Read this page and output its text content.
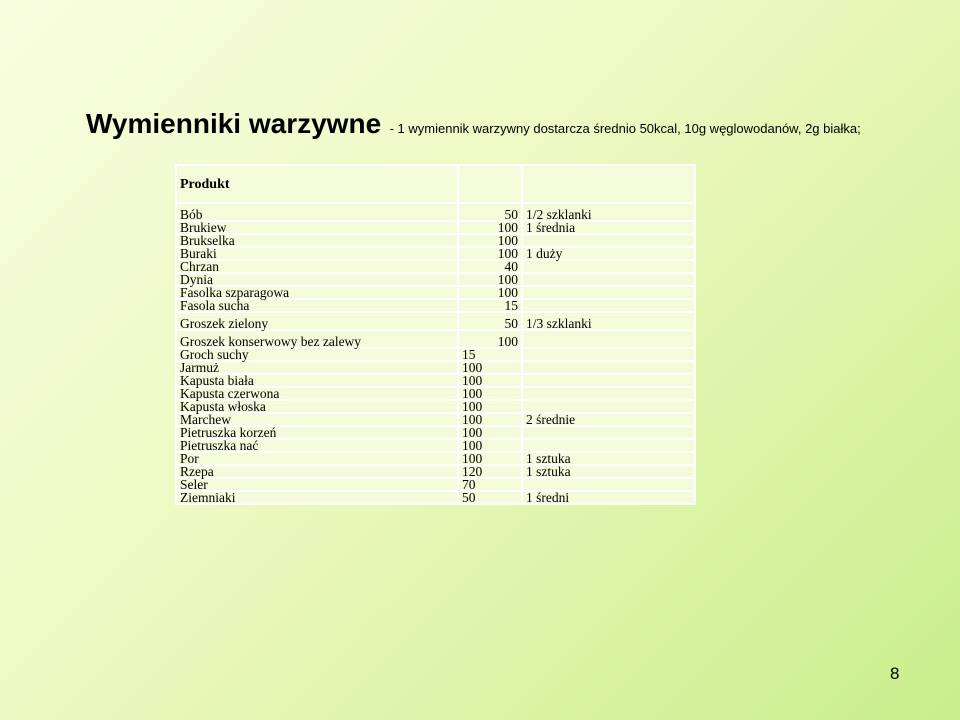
Wymienniki warzywne - 1 wymiennik warzywny dostarcza średnio 50kcal, 10g węglowodanów, 2g białka;
Produkt		
Bób	50	1/2 szklanki
Brukiew	100	1 średnia
Brukselka	100	
Buraki	100	1 duży
Chrzan	40	
Dynia	100	
Fasolka szparagowa	100	
Fasola sucha	15	
Groszek zielony	50	1/3 szklanki
Groszek konserwowy bez zalewy	100	
Groch suchy	15	
Jarmuż	100	
Kapusta biała	100	
Kapusta czerwona	100	
Kapusta włoska	100	
Marchew	100	2 średnie
Pietruszka korzeń	100	
Pietruszka nać	100	
Por	100	1 sztuka
Rzepa	120	1 sztuka
Seler	70	
Ziemniaki	50	1 średni
8
